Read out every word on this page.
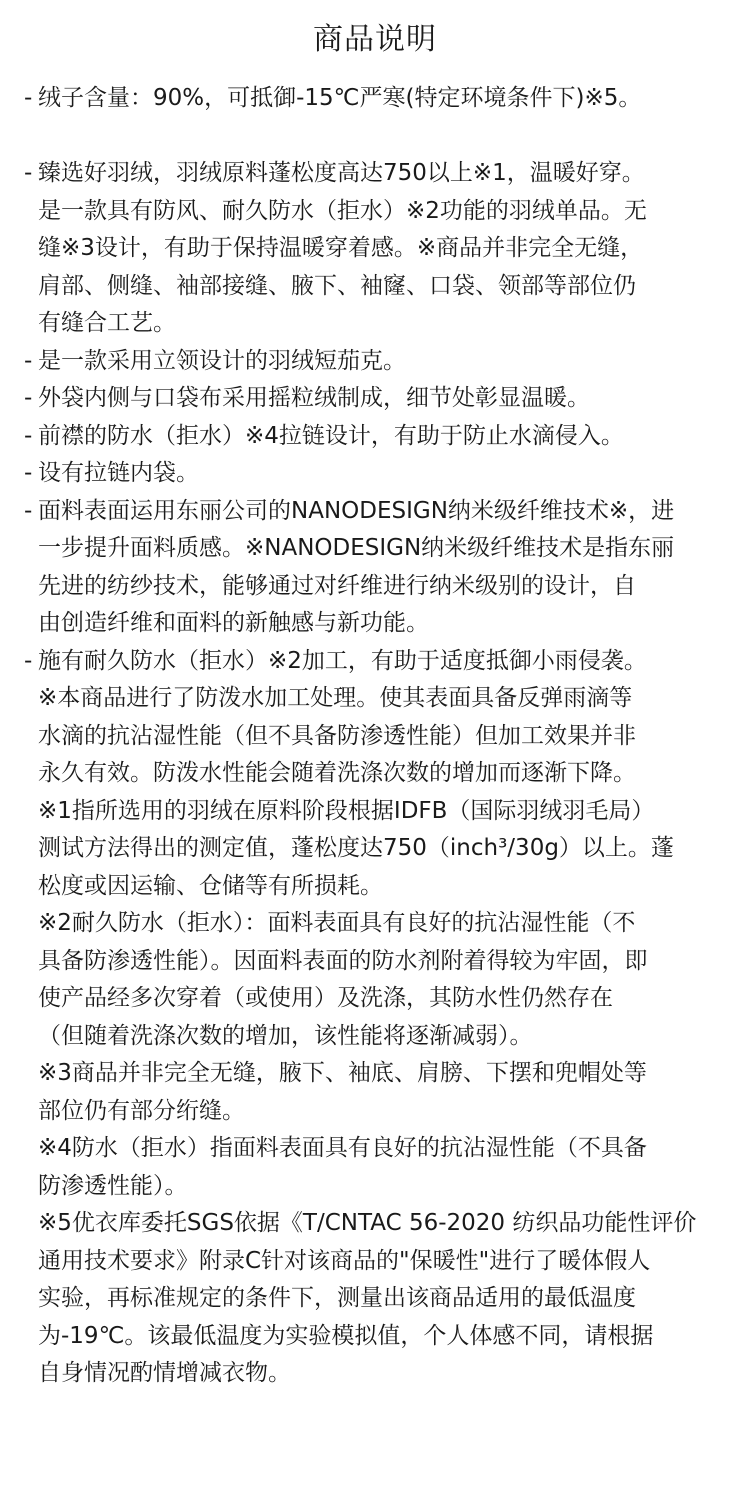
商品说明

- 绒子含量：90%，可抵御-15℃严寒(特定环境条件下)※5。

- 臻选好羽绒，羽绒原料蓬松度高达750以上※1，温暖好穿。
是一款具有防风、耐久防水（拒水）※2功能的羽绒单品。无
缝※3设计，有助于保持温暖穿着感。※商品并非完全无缝，
肩部、侧缝、袖部接缝、腋下、袖窿、口袋、领部等部位仍
有缝合工艺。

- 是一款采用立领设计的羽绒短茄克。

- 外袋内侧与口袋布采用摇粒绒制成，细节处彰显温暖。

- 前襟的防水（拒水）※4拉链设计，有助于防止水滴侵入。

- 设有拉链内袋。

- 面料表面运用东丽公司的NANODESIGN纳米级纤维技术※，进
一步提升面料质感。※NANODESIGN纳米级纤维技术是指东丽
先进的纺纱技术，能够通过对纤维进行纳米级别的设计，自
由创造纤维和面料的新触感与新功能。

- 施有耐久防水（拒水）※2加工，有助于适度抵御小雨侵袭。
※本商品进行了防泼水加工处理。使其表面具备反弹雨滴等
水滴的抗沾湿性能（但不具备防渗透性能）但加工效果并非
永久有效。防泼水性能会随着洗涤次数的增加而逐渐下降。
※1指所选用的羽绒在原料阶段根据IDFB（国际羽绒羽毛局）
测试方法得出的测定值，蓬松度达750（inch³/30g）以上。蓬
松度或因运输、仓储等有所损耗。
※2耐久防水（拒水）：面料表面具有良好的抗沾湿性能（不
具备防渗透性能）。因面料表面的防水剂附着得较为牢固，即
使产品经多次穿着（或使用）及洗涤，其防水性仍然存在
（但随着洗涤次数的增加，该性能将逐渐减弱）。
※3商品并非完全无缝，腋下、袖底、肩膀、下摆和兜帽处等
部位仍有部分绗缝。
※4防水（拒水）指面料表面具有良好的抗沾湿性能（不具备
防渗透性能）。
※5优衣库委托SGS依据《T/CNTAC 56-2020 纺织品功能性评价
通用技术要求》附录C针对该商品的"保暖性"进行了暖体假人
实验，再标准规定的条件下，测量出该商品适用的最低温度
为-19℃。该最低温度为实验模拟值，个人体感不同，请根据
自身情况酌情增减衣物。
